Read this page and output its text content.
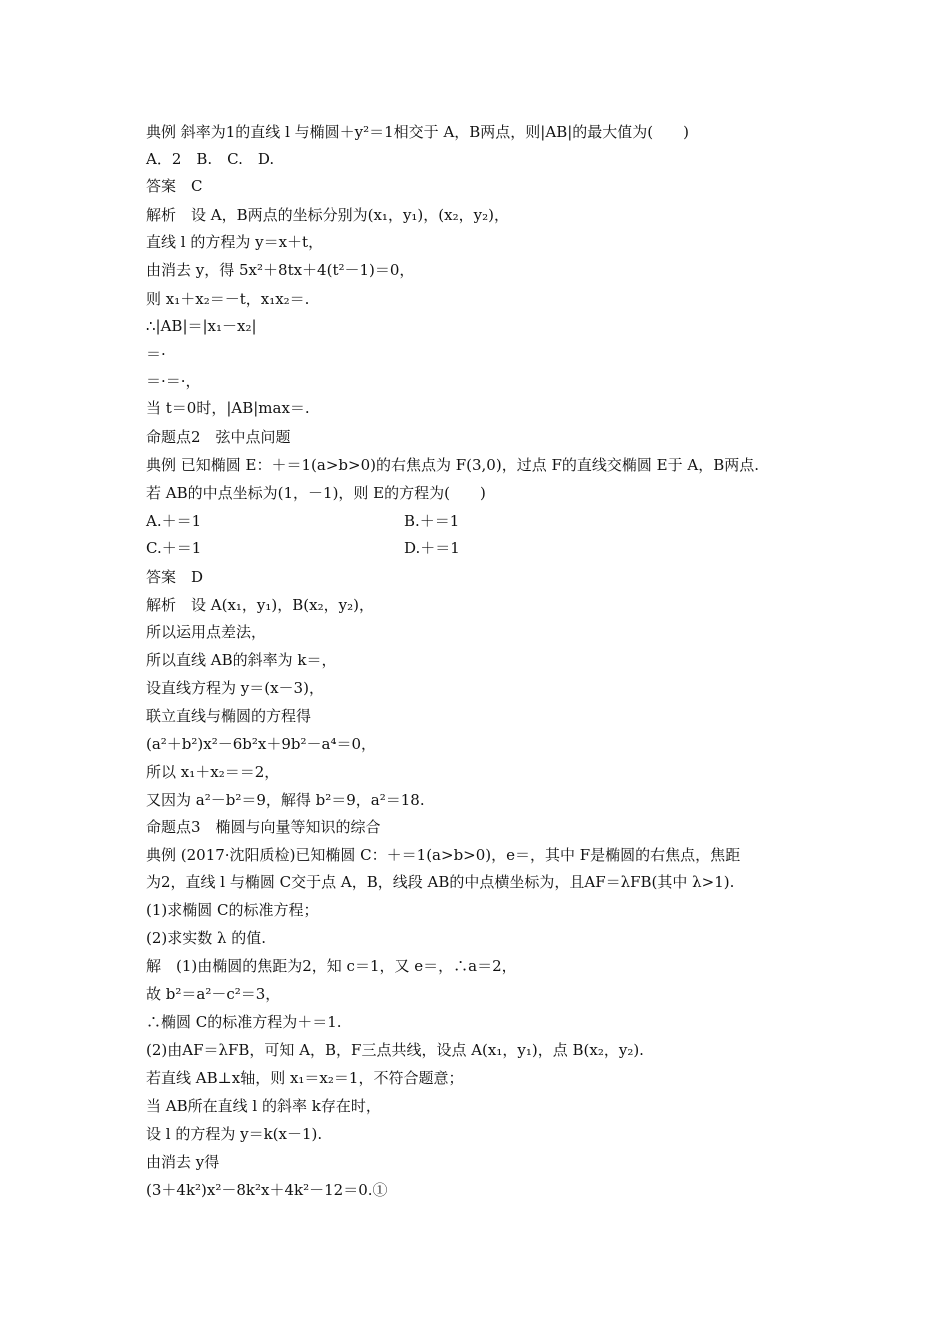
典例 斜率为1的直线 l 与椭圆＋y²＝1相交于 A，B两点，则|AB|的最大值为(　　)
A．2　B.　C.　D.
答案　C
解析　设 A，B两点的坐标分别为(x₁，y₁)，(x₂，y₂)，
直线 l 的方程为 y＝x＋t，
由消去 y，得 5x²＋8tx＋4(t²－1)＝0，
则 x₁＋x₂＝－t，x₁x₂＝.
∴|AB|＝|x₁－x₂|
＝·
＝·＝·，
当 t＝0时，|AB|max＝.
命题点2　弦中点问题
典例 已知椭圆 E：＋＝1(a>b>0)的右焦点为 F(3,0)，过点 F的直线交椭圆 E于 A，B两点.
若 AB的中点坐标为(1，－1)，则 E的方程为(　　)
A.＋＝1	B.＋＝1
C.＋＝1	D.＋＝1
答案　D
解析　设 A(x₁，y₁)，B(x₂，y₂)，
所以运用点差法，
所以直线 AB的斜率为 k＝，
设直线方程为 y＝(x－3)，
联立直线与椭圆的方程得
(a²＋b²)x²－6b²x＋9b²－a⁴＝0，
所以 x₁＋x₂＝＝2，
又因为 a²－b²＝9，解得 b²＝9，a²＝18.
命题点3　椭圆与向量等知识的综合
典例 (2017·沈阳质检)已知椭圆 C：＋＝1(a>b>0)，e＝，其中 F是椭圆的右焦点，焦距
为2，直线 l 与椭圆 C交于点 A，B，线段 AB的中点横坐标为，且AF＝λFB(其中 λ>1).
(1)求椭圆 C的标准方程；
(2)求实数 λ 的值.
解　(1)由椭圆的焦距为2，知 c＝1，又 e＝，∴a＝2，
故 b²＝a²－c²＝3，
∴椭圆 C的标准方程为＋＝1.
(2)由AF＝λFB，可知 A，B，F三点共线，设点 A(x₁，y₁)，点 B(x₂，y₂).
若直线 AB⊥x轴，则 x₁＝x₂＝1，不符合题意；
当 AB所在直线 l 的斜率 k存在时，
设 l 的方程为 y＝k(x－1).
由消去 y得
(3＋4k²)x²－8k²x＋4k²－12＝0.①
